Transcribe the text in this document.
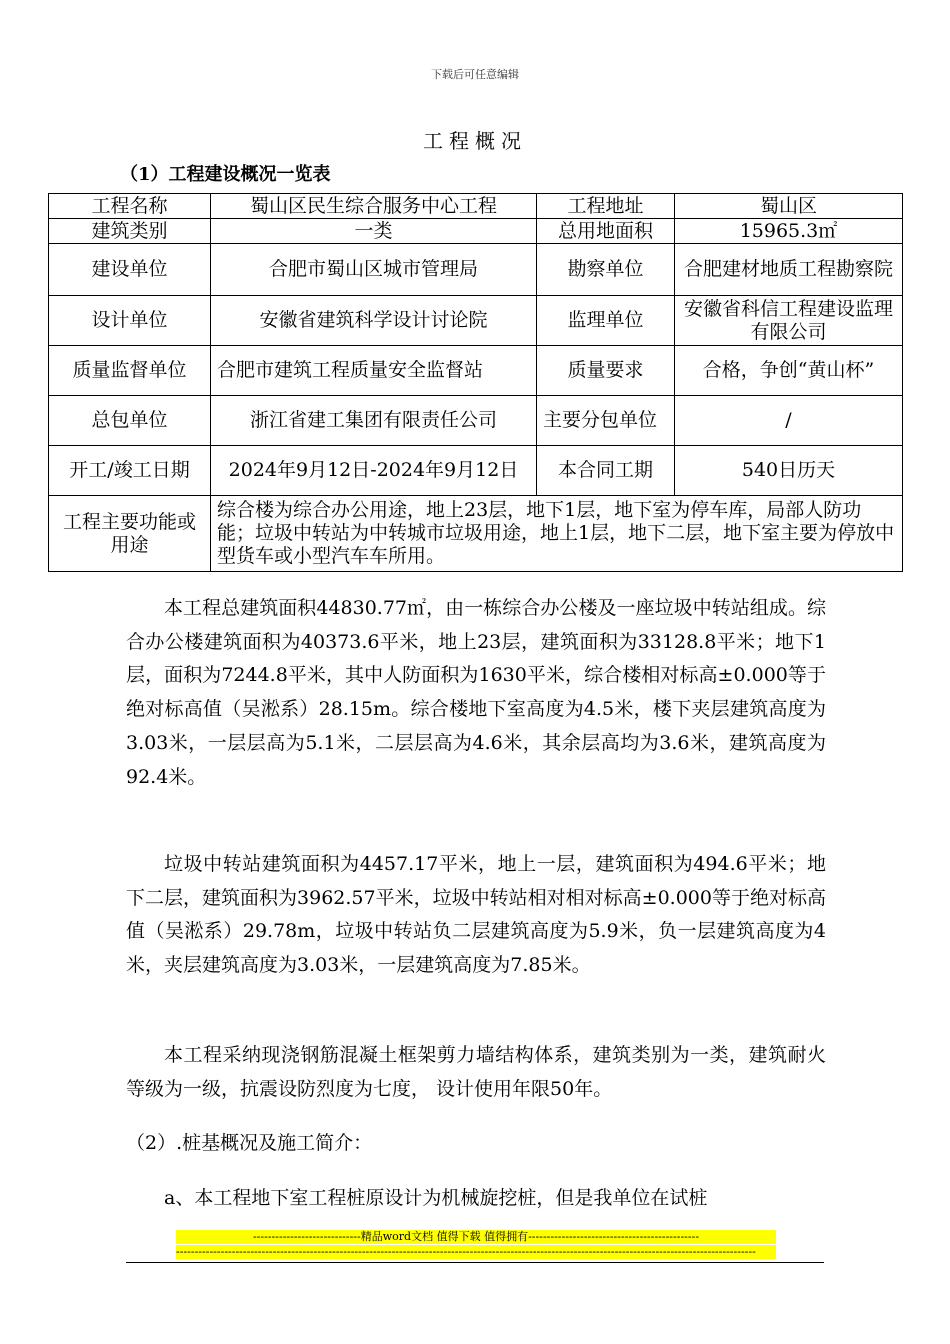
下载后可任意编辑
工程概况
（1）工程建设概况一览表
工程名称	蜀山区民生综合服务中心工程	工程地址	蜀山区
建筑类别	一类	总用地面积	15965.3㎡
建设单位	合肥市蜀山区城市管理局	勘察单位	合肥建材地质工程勘察院
设计单位	安徽省建筑科学设计讨论院	监理单位	安徽省科信工程建设监理有限公司
质量监督单位	合肥市建筑工程质量安全监督站	质量要求	合格，争创“黄山杯”
总包单位	浙江省建工集团有限责任公司	主要分包单位	/
开工/竣工日期	2024年9月12日-2024年9月12日	本合同工期	540日历天
工程主要功能或用途	综合楼为综合办公用途，地上23层，地下1层，地下室为停车库，局部人防功能；垃圾中转站为中转城市垃圾用途，地上1层，地下二层，地下室主要为停放中型货车或小型汽车车所用。		
本工程总建筑面积44830.77㎡，由一栋综合办公楼及一座垃圾中转站组成。综合办公楼建筑面积为40373.6平米，地上23层，建筑面积为33128.8平米；地下1层，面积为7244.8平米，其中人防面积为1630平米，综合楼相对标高±0.000等于绝对标高值（吴淞系）28.15m。综合楼地下室高度为4.5米，楼下夹层建筑高度为3.03米，一层层高为5.1米，二层层高为4.6米，其余层高均为3.6米，建筑高度为92.4米。
垃圾中转站建筑面积为4457.17平米，地上一层，建筑面积为494.6平米；地下二层，建筑面积为3962.57平米，垃圾中转站相对相对标高±0.000等于绝对标高值（吴淞系）29.78m，垃圾中转站负二层建筑高度为5.9米，负一层建筑高度为4米，夹层建筑高度为3.03米，一层建筑高度为7.85米。
本工程采纳现浇钢筋混凝土框架剪力墙结构体系，建筑类别为一类，建筑耐火等级为一级，抗震设防烈度为七度， 设计使用年限50年。
（2）.桩基概况及施工简介：
a、本工程地下室工程桩原设计为机械旋挖桩，但是我单位在试桩
-----------------------------精品word文档 值得下载 值得拥有----------------------------------------------
------------------------------------------------------------------------------------------------------------------------------------------------------------
